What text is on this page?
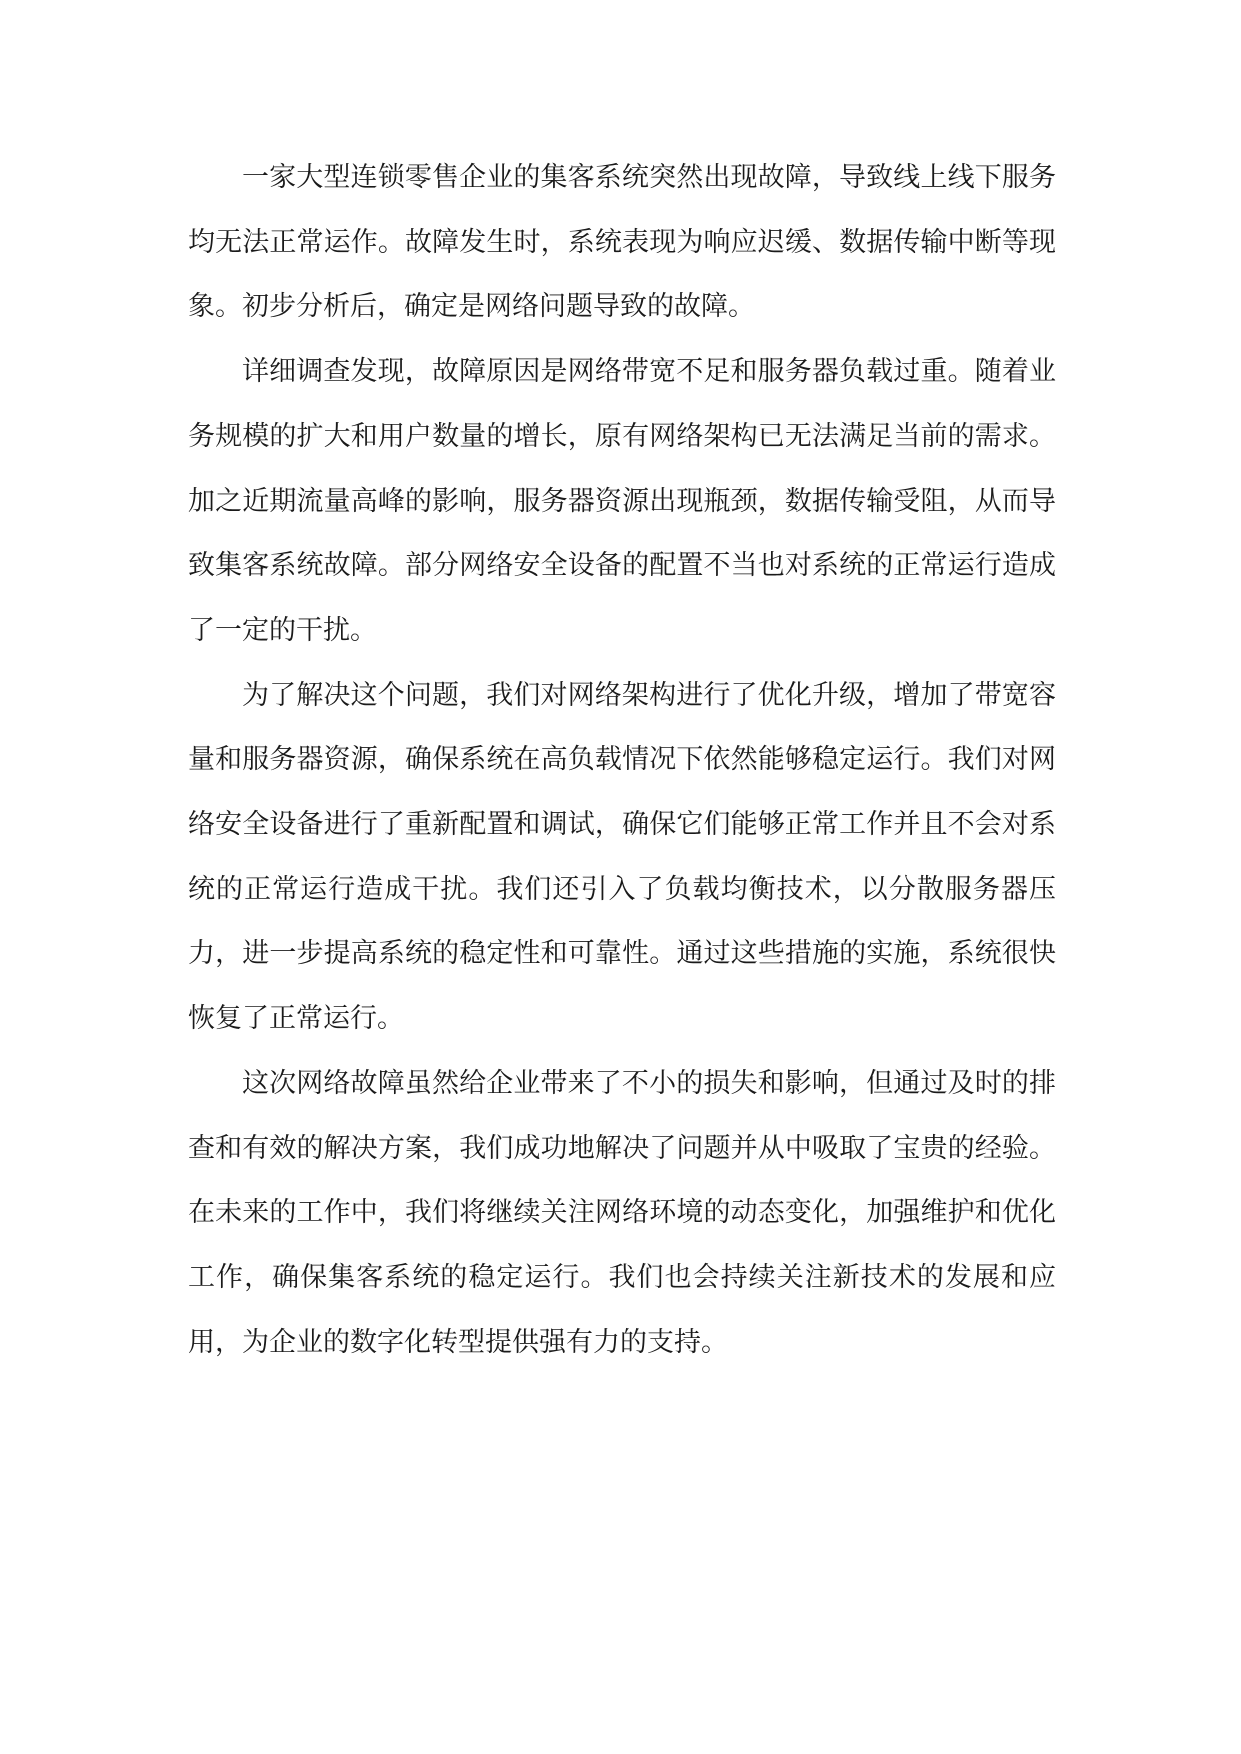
一家大型连锁零售企业的集客系统突然出现故障，导致线上线下服务均无法正常运作。故障发生时，系统表现为响应迟缓、数据传输中断等现象。初步分析后，确定是网络问题导致的故障。

详细调查发现，故障原因是网络带宽不足和服务器负载过重。随着业务规模的扩大和用户数量的增长，原有网络架构已无法满足当前的需求。加之近期流量高峰的影响，服务器资源出现瓶颈，数据传输受阻，从而导致集客系统故障。部分网络安全设备的配置不当也对系统的正常运行造成了一定的干扰。

为了解决这个问题，我们对网络架构进行了优化升级，增加了带宽容量和服务器资源，确保系统在高负载情况下依然能够稳定运行。我们对网络安全设备进行了重新配置和调试，确保它们能够正常工作并且不会对系统的正常运行造成干扰。我们还引入了负载均衡技术，以分散服务器压力，进一步提高系统的稳定性和可靠性。通过这些措施的实施，系统很快恢复了正常运行。

这次网络故障虽然给企业带来了不小的损失和影响，但通过及时的排查和有效的解决方案，我们成功地解决了问题并从中吸取了宝贵的经验。在未来的工作中，我们将继续关注网络环境的动态变化，加强维护和优化工作，确保集客系统的稳定运行。我们也会持续关注新技术的发展和应用，为企业的数字化转型提供强有力的支持。
